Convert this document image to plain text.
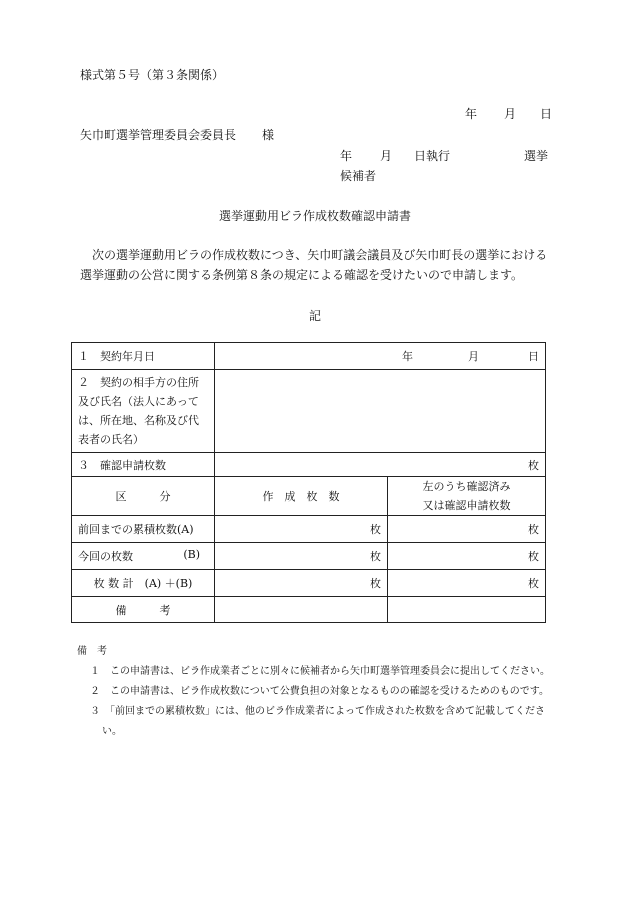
様式第５号（第３条関係）
年 月 日
矢巾町選挙管理委員会委員長 様
年 月 日執行	選挙
候補者
選挙運動用ビラ作成枚数確認申請書
次の選挙運動用ビラの作成枚数につき、矢巾町議会議員及び矢巾町長の選挙における選挙運動の公営に関する条例第８条の規定による確認を受けたいので申請します。
記
１　契約年月日	年 月 日	

２　契約の相手方の住所及び氏名（法人にあっては、所在地、名称及び代表者の氏名）		
３　確認申請枚数	枚	
区　　　分	作　成　枚　数	左のうち確認済み
又は確認申請枚数

前回までの累積枚数(A)	枚	枚
今回の枚数 (B)	枚	枚
枚 数 計　(A) ＋(B)	枚	枚
備　　　考		
備　考
１　この申請書は、ビラ作成業者ごとに別々に候補者から矢巾町選挙管理委員会に提出してください。
２　この申請書は、ビラ作成枚数について公費負担の対象となるものの確認を受けるためのものです。
３　「前回までの累積枚数」には、他のビラ作成業者によって作成された枚数を含めて記載してください。
